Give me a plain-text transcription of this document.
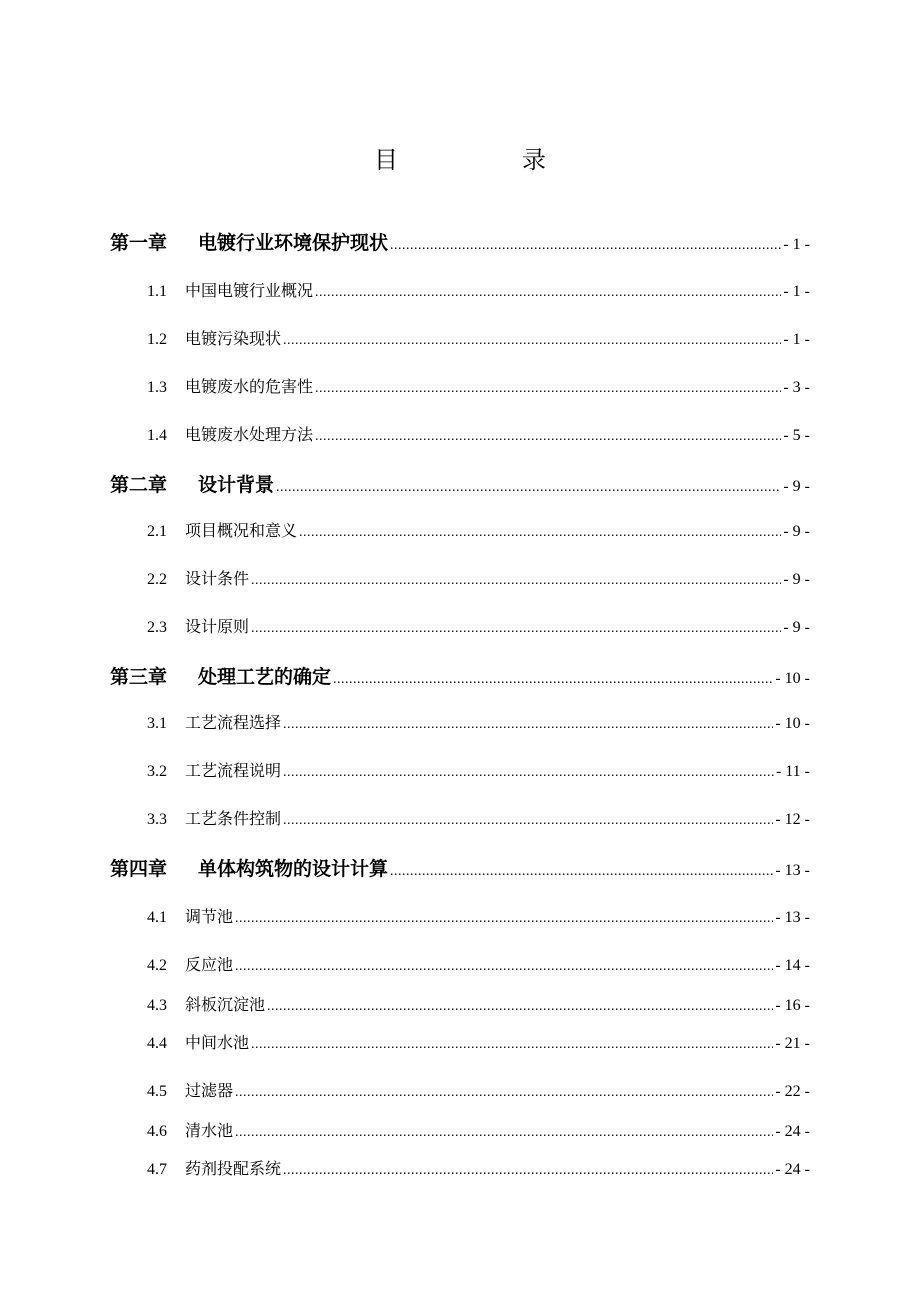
目　录
第一章	电镀行业环境保护现状 .....	- 1 -
1.1	中国电镀行业概况 .....	- 1 -
1.2	电镀污染现状 .....	- 1 -
1.3	电镀废水的危害性 .....	- 3 -
1.4	电镀废水处理方法 .....	- 5 -
第二章	设计背景 .....	- 9 -
2.1	项目概况和意义 .....	- 9 -
2.2	设计条件 .....	- 9 -
2.3	设计原则 .....	- 9 -
第三章	处理工艺的确定 .....	- 10 -
3.1	工艺流程选择 .....	- 10 -
3.2	工艺流程说明 .....	- 11 -
3.3	工艺条件控制 .....	- 12 -
第四章	单体构筑物的设计计算 .....	- 13 -
4.1	调节池 .....	- 13 -
4.2	反应池 .....	- 14 -
4.3	斜板沉淀池 .....	- 16 -
4.4	中间水池 .....	- 21 -
4.5	过滤器 .....	- 22 -
4.6	清水池 .....	- 24 -
4.7	药剂投配系统 .....	- 24 -
